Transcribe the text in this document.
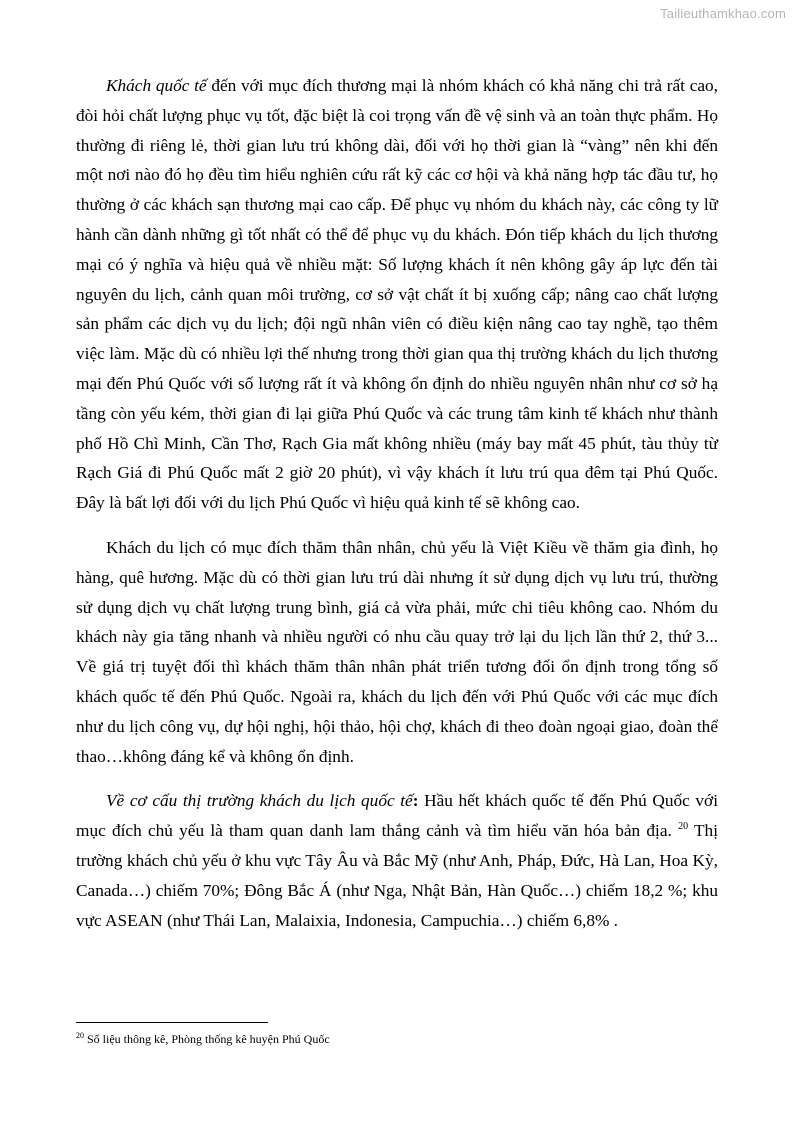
Tailieuthamkhao.com

Khách quốc tế đến với mục đích thương mại là nhóm khách có khả năng chi trả rất cao, đòi hỏi chất lượng phục vụ tốt, đặc biệt là coi trọng vấn đề vệ sinh và an toàn thực phẩm. Họ thường đi riêng lẻ, thời gian lưu trú không dài, đối với họ thời gian là “vàng” nên khi đến một nơi nào đó họ đều tìm hiểu nghiên cứu rất kỹ các cơ hội và khả năng hợp tác đầu tư, họ thường ở các khách sạn thương mại cao cấp. Để phục vụ nhóm du khách này, các công ty lữ hành cần dành những gì tốt nhất có thể để phục vụ du khách. Đón tiếp khách du lịch thương mại có ý nghĩa và hiệu quả về nhiều mặt: Số lượng khách ít nên không gây áp lực đến tài nguyên du lịch, cảnh quan môi trường, cơ sở vật chất ít bị xuống cấp; nâng cao chất lượng sản phẩm các dịch vụ du lịch; đội ngũ nhân viên có điều kiện nâng cao tay nghề, tạo thêm việc làm. Mặc dù có nhiều lợi thế nhưng trong thời gian qua thị trường khách du lịch thương mại đến Phú Quốc với số lượng rất ít và không ổn định do nhiều nguyên nhân như cơ sở hạ tầng còn yếu kém, thời gian đi lại giữa Phú Quốc và các trung tâm kinh tế khách như thành phố Hồ Chì Minh, Cần Thơ, Rạch Gia mất không nhiều (máy bay mất 45 phút, tàu thủy từ Rạch Giá đi Phú Quốc mất 2 giờ 20 phút), vì vậy khách ít lưu trú qua đêm tại Phú Quốc. Đây là bất lợi đối với du lịch Phú Quốc vì hiệu quả kinh tế sẽ không cao.

Khách du lịch có mục đích thăm thân nhân, chủ yếu là Việt Kiều về thăm gia đình, họ hàng, quê hương. Mặc dù có thời gian lưu trú dài nhưng ít sử dụng dịch vụ lưu trú, thường sử dụng dịch vụ chất lượng trung bình, giá cả vừa phải, mức chi tiêu không cao. Nhóm du khách này gia tăng nhanh và nhiều người có nhu cầu quay trở lại du lịch lần thứ 2, thứ 3... Về giá trị tuyệt đối thì khách thăm thân nhân phát triển tương đối ổn định trong tổng số khách quốc tế đến Phú Quốc. Ngoài ra, khách du lịch đến với Phú Quốc với các mục đích như du lịch công vụ, dự hội nghị, hội thảo, hội chợ, khách đi theo đoàn ngoại giao, đoàn thể thao…không đáng kể và không ổn định.

Về cơ cấu thị trường khách du lịch quốc tế: Hầu hết khách quốc tế đến Phú Quốc với mục đích chủ yếu là tham quan danh lam thắng cảnh và tìm hiểu văn hóa bản địa. $^{20}$ Thị trường khách chủ yếu ở khu vực Tây Âu và Bắc Mỹ (như Anh, Pháp, Đức, Hà Lan, Hoa Kỳ, Canada…) chiếm 70%; Đông Bắc Á (như Nga, Nhật Bản, Hàn Quốc…) chiếm 18,2 %; khu vực ASEAN (như Thái Lan, Malaixia, Indonesia, Campuchia…) chiếm 6,8% .

$^{20}$ Số liệu thông kê, Phòng thống kê huyện Phú Quốc
